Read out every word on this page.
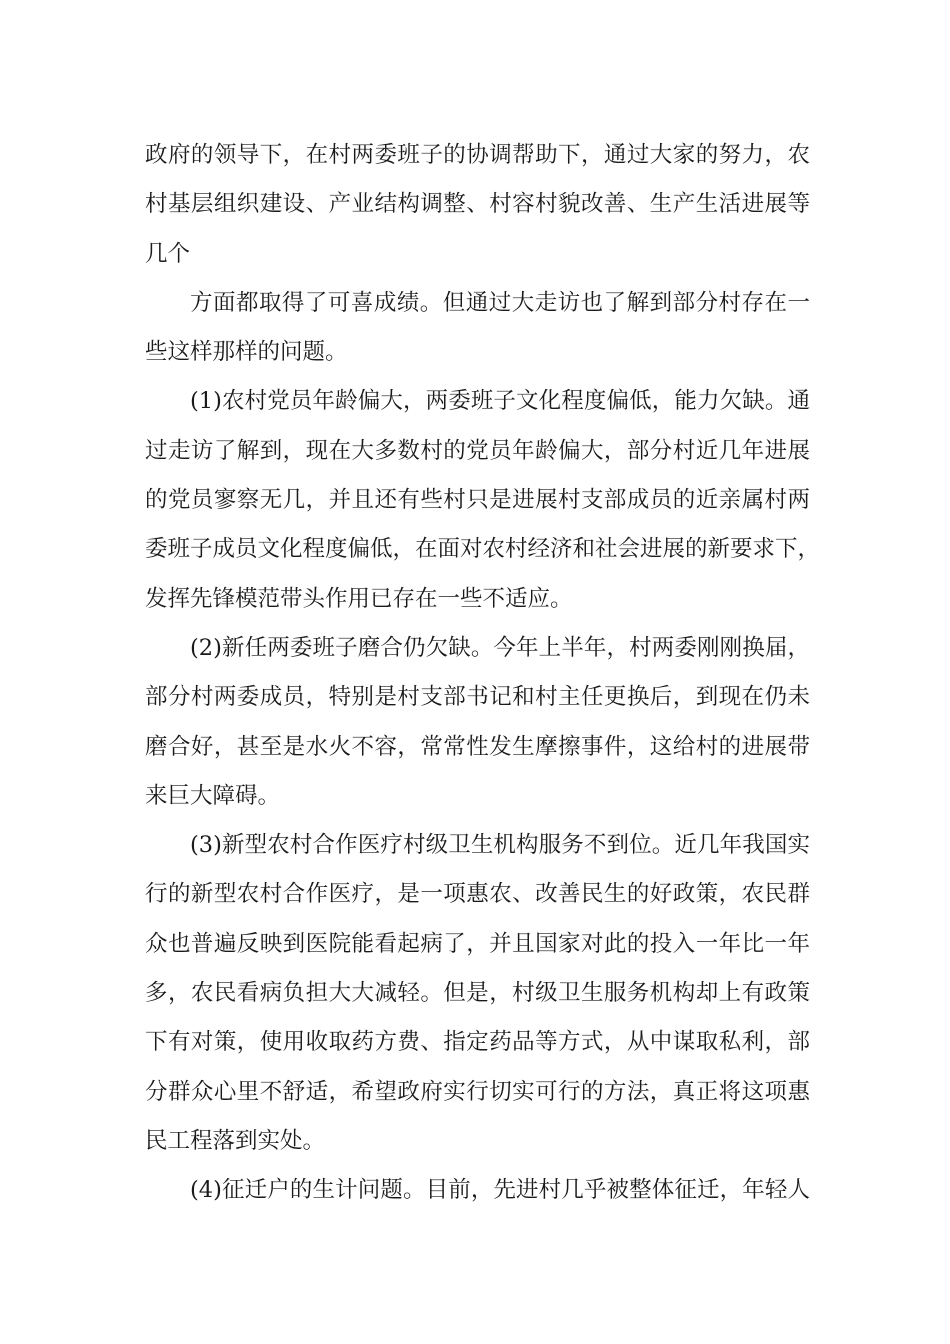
政府的领导下，在村两委班子的协调帮助下，通过大家的努力，农
村基层组织建设、产业结构调整、村容村貌改善、生产生活进展等
几个
方面都取得了可喜成绩。但通过大走访也了解到部分村存在一
些这样那样的问题。
(1)农村党员年龄偏大，两委班子文化程度偏低，能力欠缺。通
过走访了解到，现在大多数村的党员年龄偏大，部分村近几年进展
的党员寥察无几，并且还有些村只是进展村支部成员的近亲属村两
委班子成员文化程度偏低，在面对农村经济和社会进展的新要求下，
发挥先锋模范带头作用已存在一些不适应。
(2)新任两委班子磨合仍欠缺。今年上半年，村两委刚刚换届，
部分村两委成员，特别是村支部书记和村主任更换后，到现在仍未
磨合好，甚至是水火不容，常常性发生摩擦事件，这给村的进展带
来巨大障碍。
(3)新型农村合作医疗村级卫生机构服务不到位。近几年我国实
行的新型农村合作医疗，是一项惠农、改善民生的好政策，农民群
众也普遍反映到医院能看起病了，并且国家对此的投入一年比一年
多，农民看病负担大大减轻。但是，村级卫生服务机构却上有政策
下有对策，使用收取药方费、指定药品等方式，从中谋取私利，部
分群众心里不舒适，希望政府实行切实可行的方法，真正将这项惠
民工程落到实处。
(4)征迁户的生计问题。目前，先进村几乎被整体征迁，年轻人
